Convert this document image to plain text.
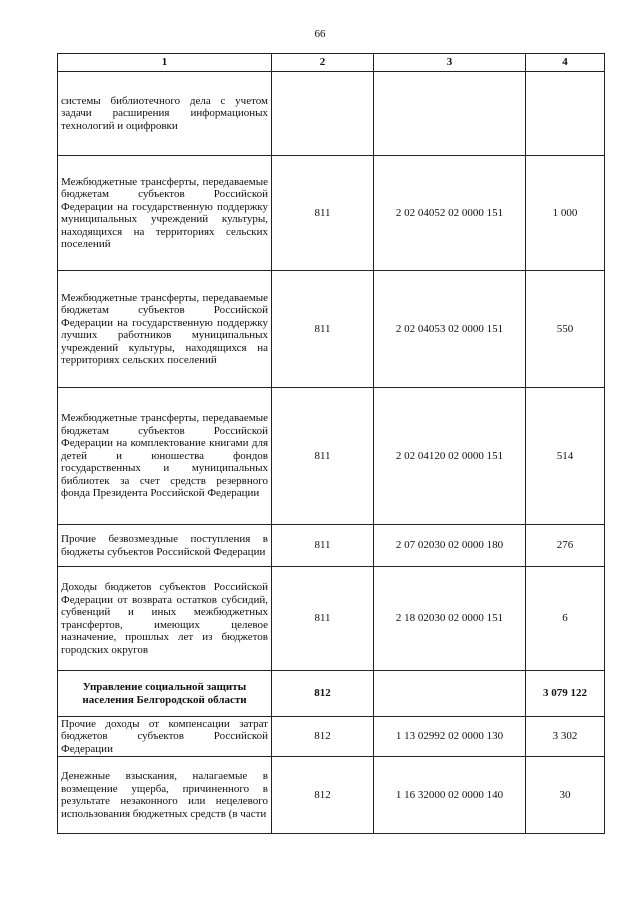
66
1	2	3	4
системы библиотечного дела с учетом задачи расширения информационых технологий и оцифровки			
Межбюджетные трансферты, передаваемые бюджетам субъектов Российской Федерации на государственную поддержку муниципальных учреждений культуры, находящихся на территориях сельских поселений	811	2 02 04052 02 0000 151	1 000
Межбюджетные трансферты, передаваемые бюджетам субъектов Российской Федерации на государственную поддержку лучших работников муниципальных учреждений культуры, находящихся на территориях сельских поселений	811	2 02 04053 02 0000 151	550
Межбюджетные трансферты, передаваемые бюджетам субъектов Российской Федерации на комплектование книгами для детей и юношества фондов государственных и муниципальных библиотек за счет средств резервного фонда Президента Российской Федерации	811	2 02 04120 02 0000 151	514
Прочие безвозмездные поступления в бюджеты субъектов Российской Федерации	811	2 07 02030 02 0000 180	276
Доходы бюджетов субъектов Российской Федерации от возврата остатков субсидий, субвенций и иных межбюджетных трансфертов, имеющих целевое назначение, прошлых лет из бюджетов городских округов	811	2 18 02030 02 0000 151	6
Управление социальной защиты населения Белгородской области	812		3 079 122
Прочие доходы от компенсации затрат бюджетов субъектов Российской Федерации	812	1 13 02992 02 0000 130	3 302
Денежные взыскания, налагаемые в возмещение ущерба, причиненного в результате незаконного или нецелевого использования бюджетных средств (в части	812	1 16 32000 02 0000 140	30
